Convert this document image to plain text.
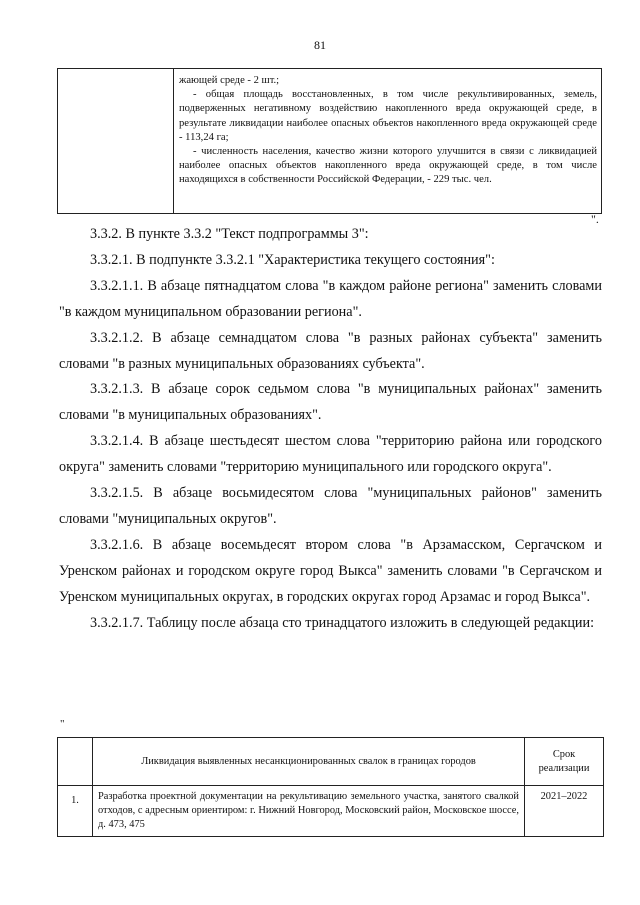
81

жающей среде - 2 шт.;

- общая площадь восстановленных, в том числе рекультивированных, земель, подверженных негативному воздействию накопленного вреда окружающей среде, в результате ликвидации наиболее опасных объектов накопленного вреда окружающей среде - 113,24 га;

- численность населения, качество жизни которого улучшится в связи с ликвидацией наиболее опасных объектов накопленного вреда окружающей среде, в том числе находящихся в собственности Российской Федерации, - 229 тыс. чел.

".

3.3.2. В пункте 3.3.2 "Текст подпрограммы 3":

3.3.2.1. В подпункте 3.3.2.1 "Характеристика текущего состояния":

3.3.2.1.1. В абзаце пятнадцатом слова "в каждом районе региона" заменить словами "в каждом муниципальном образовании региона".

3.3.2.1.2. В абзаце семнадцатом слова "в разных районах субъекта" заменить словами "в разных муниципальных образованиях субъекта".

3.3.2.1.3. В абзаце сорок седьмом слова "в муниципальных районах" заменить словами "в муниципальных образованиях".

3.3.2.1.4. В абзаце шестьдесят шестом слова "территорию района или городского округа" заменить словами "территорию муниципального или городского округа".

3.3.2.1.5. В абзаце восьмидесятом слова "муниципальных районов" заменить словами "муниципальных округов".

3.3.2.1.6. В абзаце восемьдесят втором слова "в Арзамасском, Сергачском и Уренском районах и городском округе город Выкса" заменить словами "в Сергачском и Уренском муниципальных округах, в городских округах город Арзамас и город Выкса".

3.3.2.1.7. Таблицу после абзаца сто тринадцатого изложить в следующей редакции:

"
	Ликвидация выявленных несанкционированных свалок в границах городов	Срок реализации
1.	Разработка проектной документации на рекультивацию земельного участка, занятого свалкой отходов, с адресным ориентиром: г. Нижний Новгород, Московский район, Московское шоссе, д. 473, 475	2021–2022
